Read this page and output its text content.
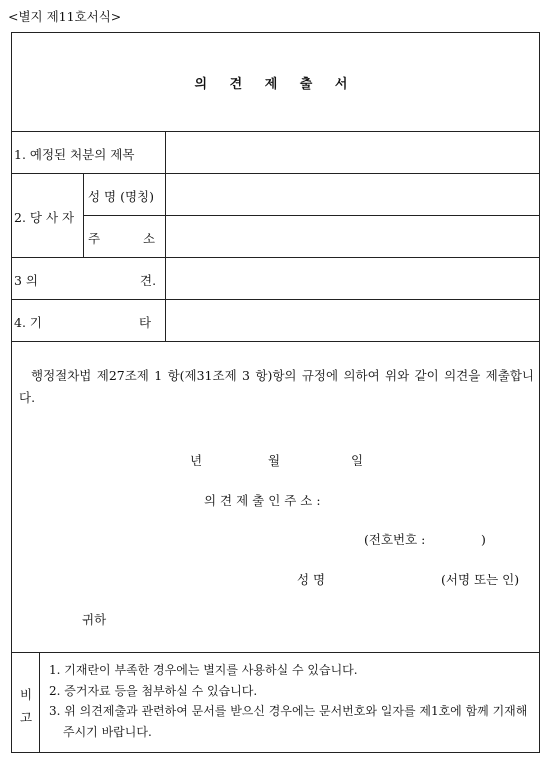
<별지 제11호서식>
의 견 제 출 서
1. 예정된 처분의 제목
2. 당 사 자
성 명 (명칭)
주	소
3 의	견.
4. 기	타
행정절차법 제27조제 1 항(제31조제 3 항)항의 규정에 의하여 위와 같이 의견을 제출합니다.
년	월	일
의 견 제 출 인 주 소 :
(전호번호 :              )
성 명	(서명 또는 인)
귀하
비
고
1. 기재란이 부족한 경우에는 별지를 사용하실 수 있습니다.
2. 증거자료 등을 첨부하실 수 있습니다.
3. 위 의견제출과 관련하여 문서를 받으신 경우에는 문서번호와 일자를 제1호에 함께 기재해 주시기 바랍니다.
